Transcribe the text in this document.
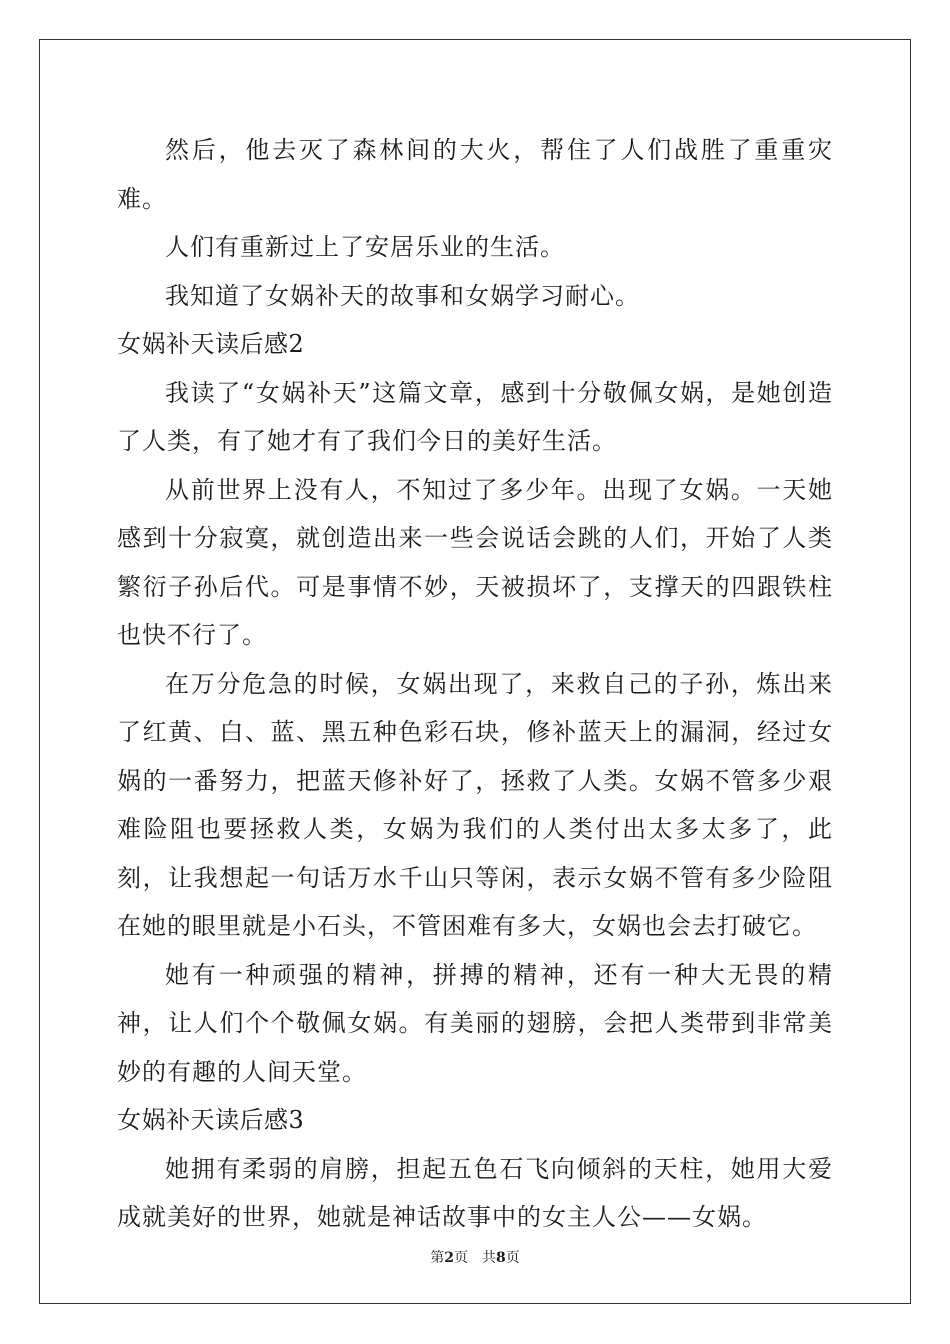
然后，他去灭了森林间的大火，帮住了人们战胜了重重灾难。

人们有重新过上了安居乐业的生活。

我知道了女娲补天的故事和女娲学习耐心。

女娲补天读后感2

我读了“女娲补天”这篇文章，感到十分敬佩女娲，是她创造了人类，有了她才有了我们今日的美好生活。

从前世界上没有人，不知过了多少年。出现了女娲。一天她感到十分寂寞，就创造出来一些会说话会跳的人们，开始了人类繁衍子孙后代。可是事情不妙，天被损坏了，支撑天的四跟铁柱也快不行了。

在万分危急的时候，女娲出现了，来救自己的子孙，炼出来了红黄、白、蓝、黑五种色彩石块，修补蓝天上的漏洞，经过女娲的一番努力，把蓝天修补好了，拯救了人类。女娲不管多少艰难险阻也要拯救人类，女娲为我们的人类付出太多太多了，此刻，让我想起一句话万水千山只等闲，表示女娲不管有多少险阻在她的眼里就是小石头，不管困难有多大，女娲也会去打破它。

她有一种顽强的精神，拼搏的精神，还有一种大无畏的精神，让人们个个敬佩女娲。有美丽的翅膀，会把人类带到非常美妙的有趣的人间天堂。

女娲补天读后感3

她拥有柔弱的肩膀，担起五色石飞向倾斜的天柱，她用大爱成就美好的世界，她就是神话故事中的女主人公——女娲。

第2页 共8页
